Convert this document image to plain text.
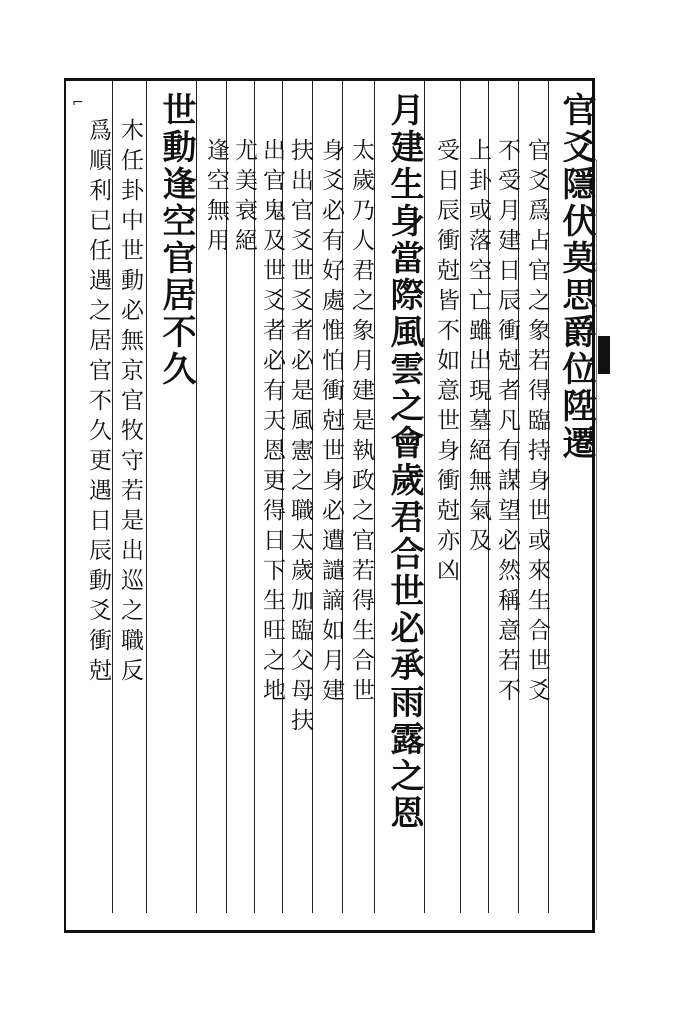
⌐	官爻隱伏莫思爵位陞遷
官爻爲占官之象若得臨持身世或來生合世爻
不受月建日辰衝尅者凡有謀望必然稱意若不
上卦或落空亡雖出現墓絕無氣及
受日辰衝尅皆不如意世身衝尅亦凶
月建生身當際風雲之會歲君合世必承雨露之恩
太歲乃人君之象月建是執政之官若得生合世
身爻必有好處惟怕衝尅世身必遭譴謫如月建
扶出官爻世爻者必是風憲之職太歲加臨父母扶
出官鬼及世爻者必有天恩更得日下生旺之地
尤美衰絕
逢空無用
世動逢空官居不久
木任卦中世動必無京官牧守若是出巡之職反
爲順利已任遇之居官不久更遇日辰動爻衝尅
